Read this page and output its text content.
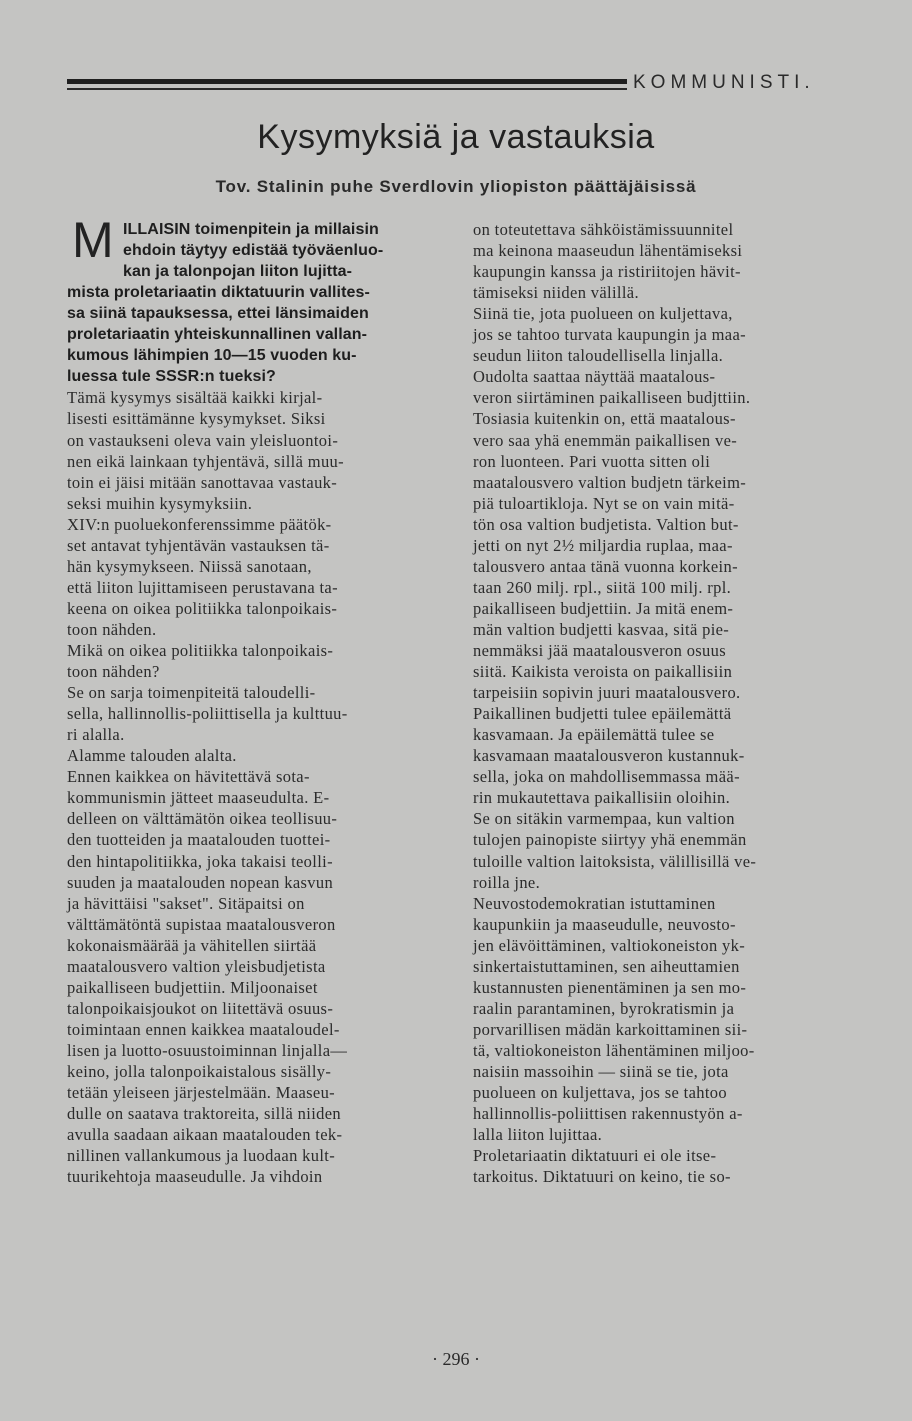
KOMMUNISTI.
Kysymyksiä ja vastauksia
Tov. Stalinin puhe Sverdlovin yliopiston päättäjäisissä
M ILLAISIN toimenpitein ja millaisin
ehdoin täytyy edistää työväenluo-
kan ja talonpojan liiton lujitta-
mista proletariaatin diktatuurin vallites-
sa siinä tapauksessa, ettei länsimaiden
proletariaatin yhteiskunnallinen vallan-
kumous lähimpien 10—15 vuoden ku-
luessa tule SSSR:n tueksi?
Tämä kysymys sisältää kaikki kirjal-
lisesti esittämänne kysymykset. Siksi
on vastaukseni oleva vain yleisluontoi-
nen eikä lainkaan tyhjentävä, sillä muu-
toin ei jäisi mitään sanottavaa vastauk-
seksi muihin kysymyksiin.
XIV:n puoluekonferenssimme päätök-
set antavat tyhjentävän vastauksen tä-
hän kysymykseen. Niissä sanotaan,
että liiton lujittamiseen perustavana ta-
keena on oikea politiikka talonpoikais-
toon nähden.
Mikä on oikea politiikka talonpoikais-
toon nähden?
Se on sarja toimenpiteitä taloudelli-
sella, hallinnollis-poliittisella ja kulttuu-
ri alalla.
Alamme talouden alalta.
Ennen kaikkea on hävitettävä sota-
kommunismin jätteet maaseudulta. E-
delleen on välttämätön oikea teollisuu-
den tuotteiden ja maatalouden tuottei-
den hintapolitiikka, joka takaisi teolli-
suuden ja maatalouden nopean kasvun
ja hävittäisi "sakset". Sitäpaitsi on
välttämätöntä supistaa maatalousveron
kokonaismäärää ja vähitellen siirtää
maatalousvero valtion yleisbudjetista
paikalliseen budjettiin. Miljoonaiset
talonpoikaisjoukot on liitettävä osuus-
toimintaan ennen kaikkea maataloudel-
lisen ja luotto-osuustoiminnan linjalla—
keino, jolla talonpoikaistalous sisälly-
tetään yleiseen järjestelmään. Maaseu-
dulle on saatava traktoreita, sillä niiden
avulla saadaan aikaan maatalouden tek-
nillinen vallankumous ja luodaan kult-
tuurikehtoja maaseudulle. Ja vihdoin
on toteutettava sähköistämissuunnitel
ma keinona maaseudun lähentämiseksi
kaupungin kanssa ja ristiriitojen hävit-
tämiseksi niiden välillä.
Siinä tie, jota puolueen on kuljettava,
jos se tahtoo turvata kaupungin ja maa-
seudun liiton taloudellisella linjalla.
Oudolta saattaa näyttää maatalous-
veron siirtäminen paikalliseen budjttiin.
Tosiasia kuitenkin on, että maatalous-
vero saa yhä enemmän paikallisen ve-
ron luonteen. Pari vuotta sitten oli
maatalousvero valtion budjetn tärkeim-
piä tuloartikloja. Nyt se on vain mitä-
tön osa valtion budjetista. Valtion but-
jetti on nyt 2½ miljardia ruplaa, maa-
talousvero antaa tänä vuonna korkein-
taan 260 milj. rpl., siitä 100 milj. rpl.
paikalliseen budjettiin. Ja mitä enem-
män valtion budjetti kasvaa, sitä pie-
nemmäksi jää maatalousveron osuus
siitä. Kaikista veroista on paikallisiin
tarpeisiin sopivin juuri maatalousvero.
Paikallinen budjetti tulee epäilemättä
kasvamaan. Ja epäilemättä tulee se
kasvamaan maatalousveron kustannuk-
sella, joka on mahdollisemmassa mää-
rin mukautettava paikallisiin oloihin.
Se on sitäkin varmempaa, kun valtion
tulojen painopiste siirtyy yhä enemmän
tuloille valtion laitoksista, välillisillä ve-
roilla jne.
Neuvostodemokratian istuttaminen
kaupunkiin ja maaseudulle, neuvosto-
jen elävöittäminen, valtiokoneiston yk-
sinkertaistuttaminen, sen aiheuttamien
kustannusten pienentäminen ja sen mo-
raalin parantaminen, byrokratismin ja
porvarillisen mädän karkoittaminen sii-
tä, valtiokoneiston lähentäminen miljoo-
naisiin massoihin — siinä se tie, jota
puolueen on kuljettava, jos se tahtoo
hallinnollis-poliittisen rakennustyön a-
lalla liiton lujittaa.
Proletariaatin diktatuuri ei ole itse-
tarkoitus. Diktatuuri on keino, tie so-
· 296 ·
